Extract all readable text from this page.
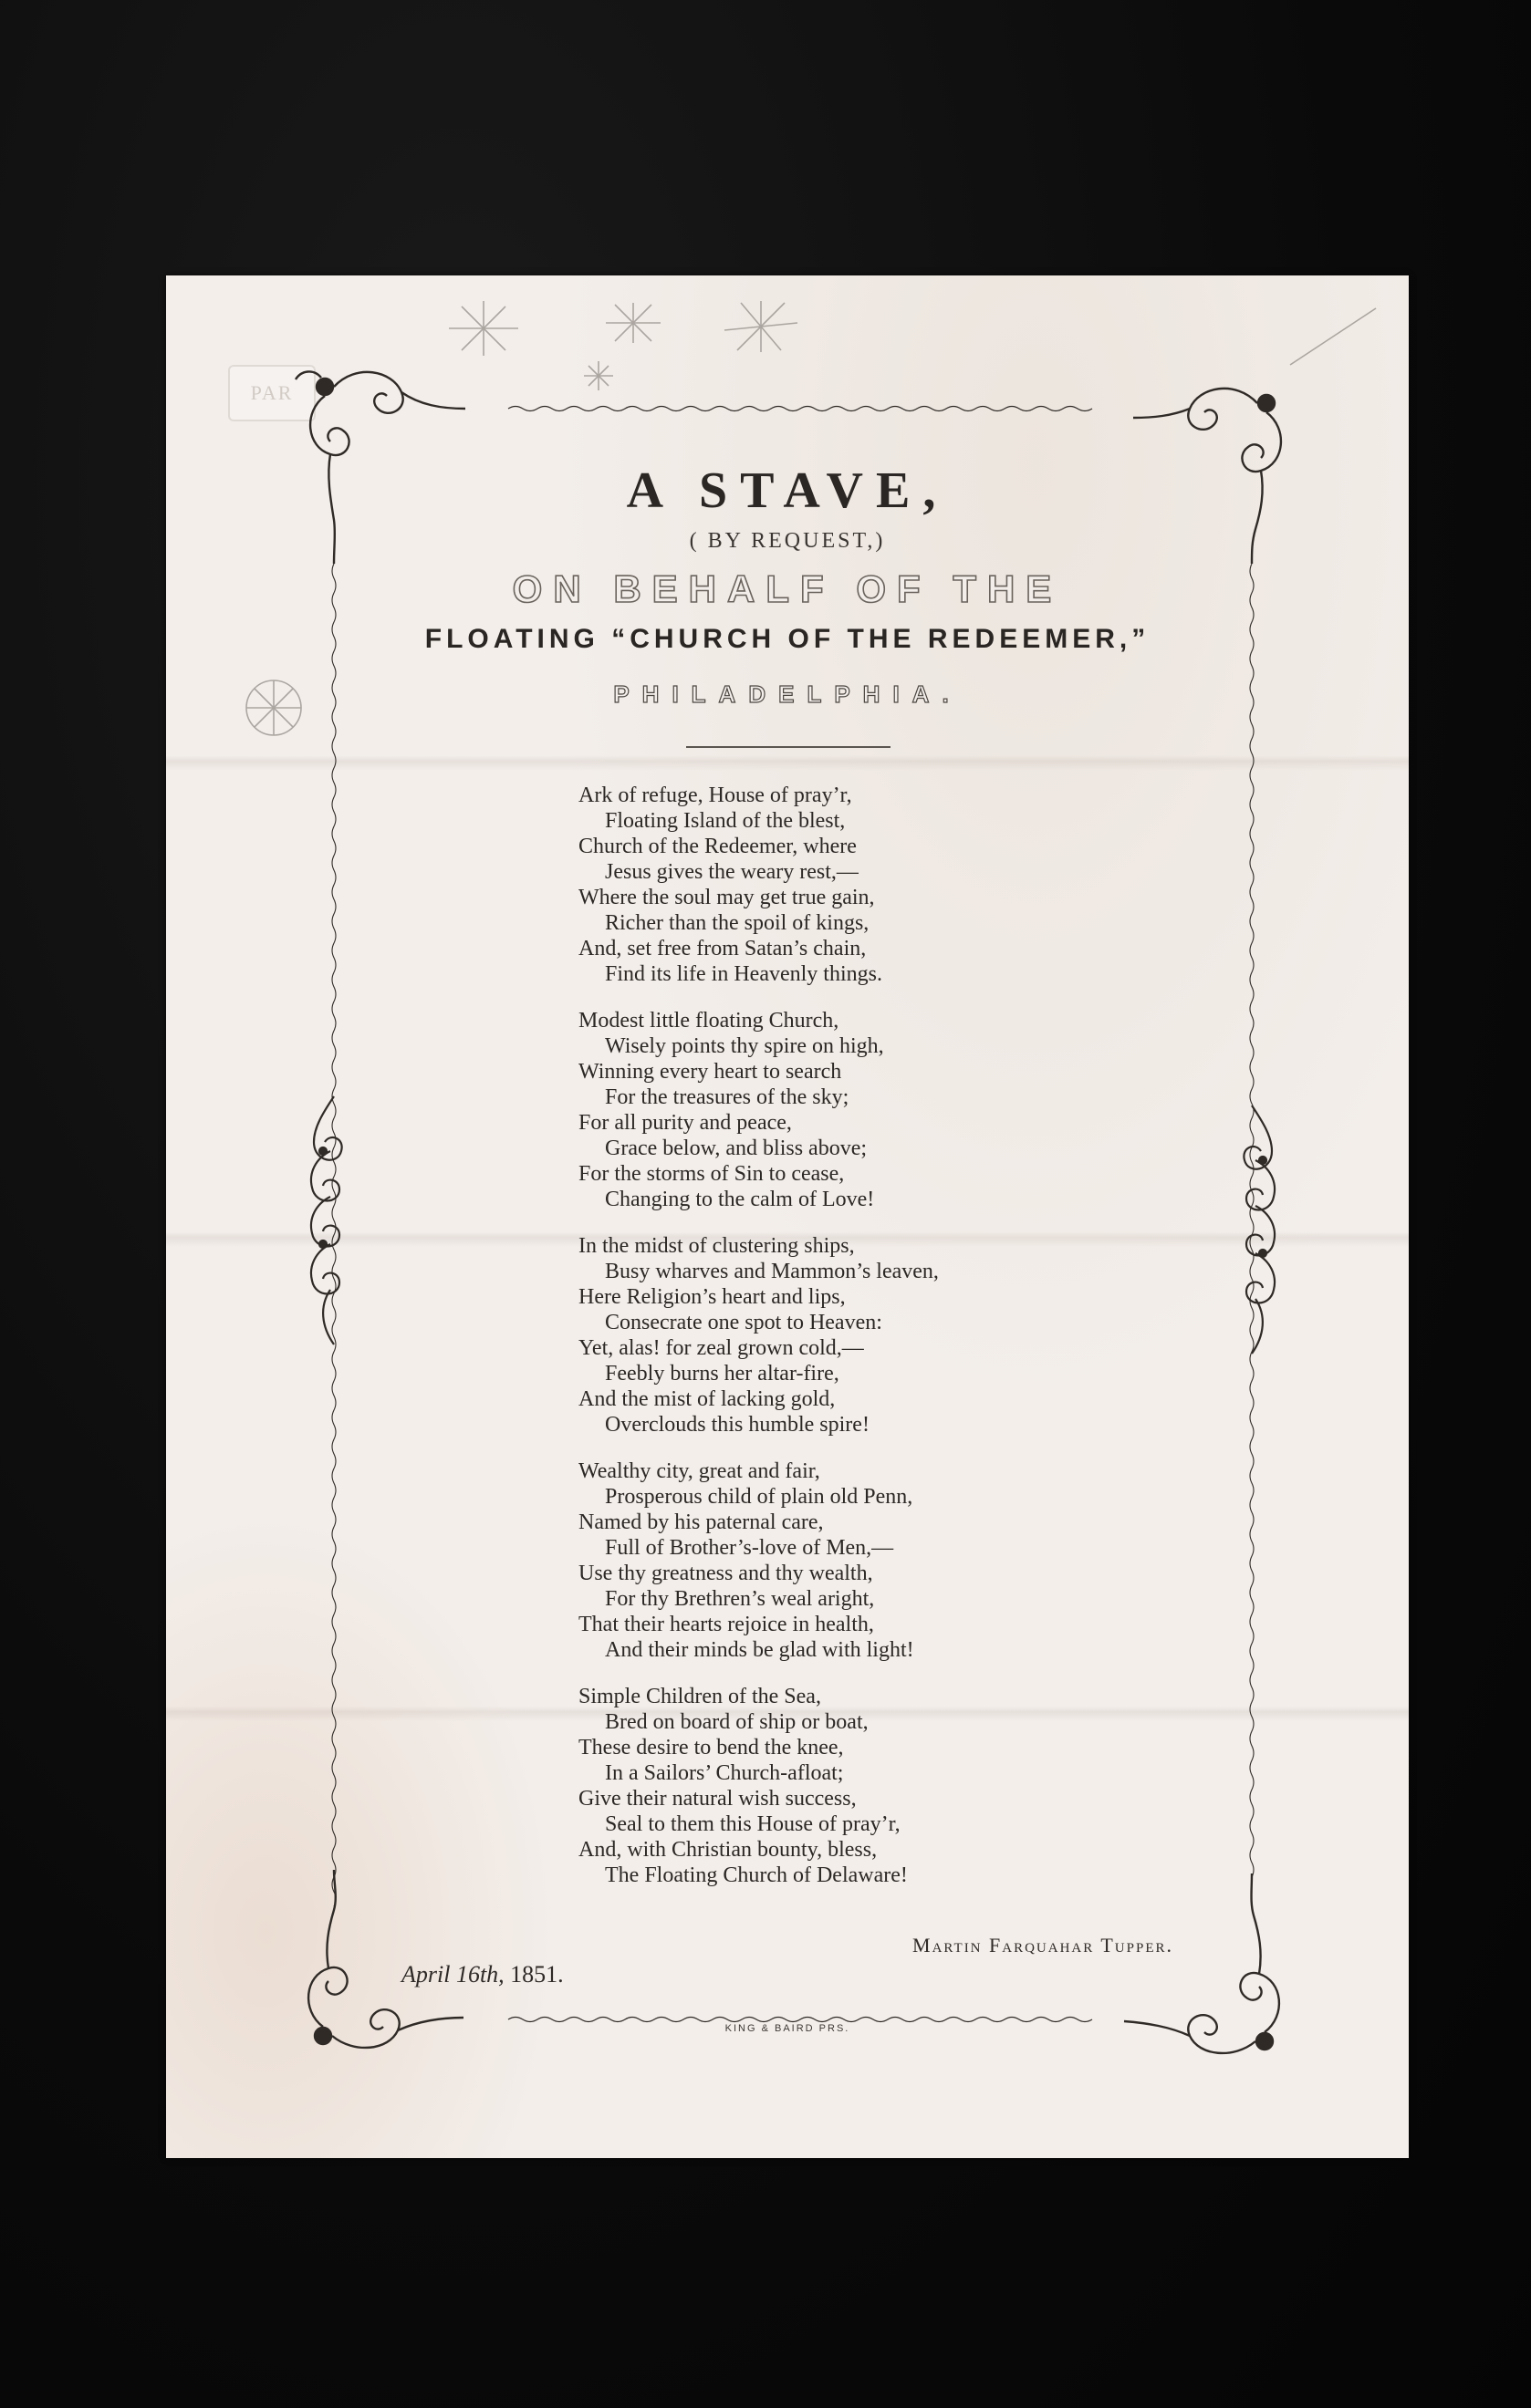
PAR
A STAVE,
( BY REQUEST,)
ON BEHALF OF THE
FLOATING “CHURCH OF THE REDEEMER,”
PHILADELPHIA.
Ark of refuge, House of pray’r,
Floating Island of the blest,
Church of the Redeemer, where
Jesus gives the weary rest,—
Where the soul may get true gain,
Richer than the spoil of kings,
And, set free from Satan’s chain,
Find its life in Heavenly things.
Modest little floating Church,
Wisely points thy spire on high,
Winning every heart to search
For the treasures of the sky;
For all purity and peace,
Grace below, and bliss above;
For the storms of Sin to cease,
Changing to the calm of Love!
In the midst of clustering ships,
Busy wharves and Mammon’s leaven,
Here Religion’s heart and lips,
Consecrate one spot to Heaven:
Yet, alas! for zeal grown cold,—
Feebly burns her altar-fire,
And the mist of lacking gold,
Overclouds this humble spire!
Wealthy city, great and fair,
Prosperous child of plain old Penn,
Named by his paternal care,
Full of Brother’s-love of Men,—
Use thy greatness and thy wealth,
For thy Brethren’s weal aright,
That their hearts rejoice in health,
And their minds be glad with light!
Simple Children of the Sea,
Bred on board of ship or boat,
These desire to bend the knee,
In a Sailors’ Church-afloat;
Give their natural wish success,
Seal to them this House of pray’r,
And, with Christian bounty, bless,
The Floating Church of Delaware!
Martin Farquahar Tupper.
April 16th, 1851.
KING & BAIRD PRS.
